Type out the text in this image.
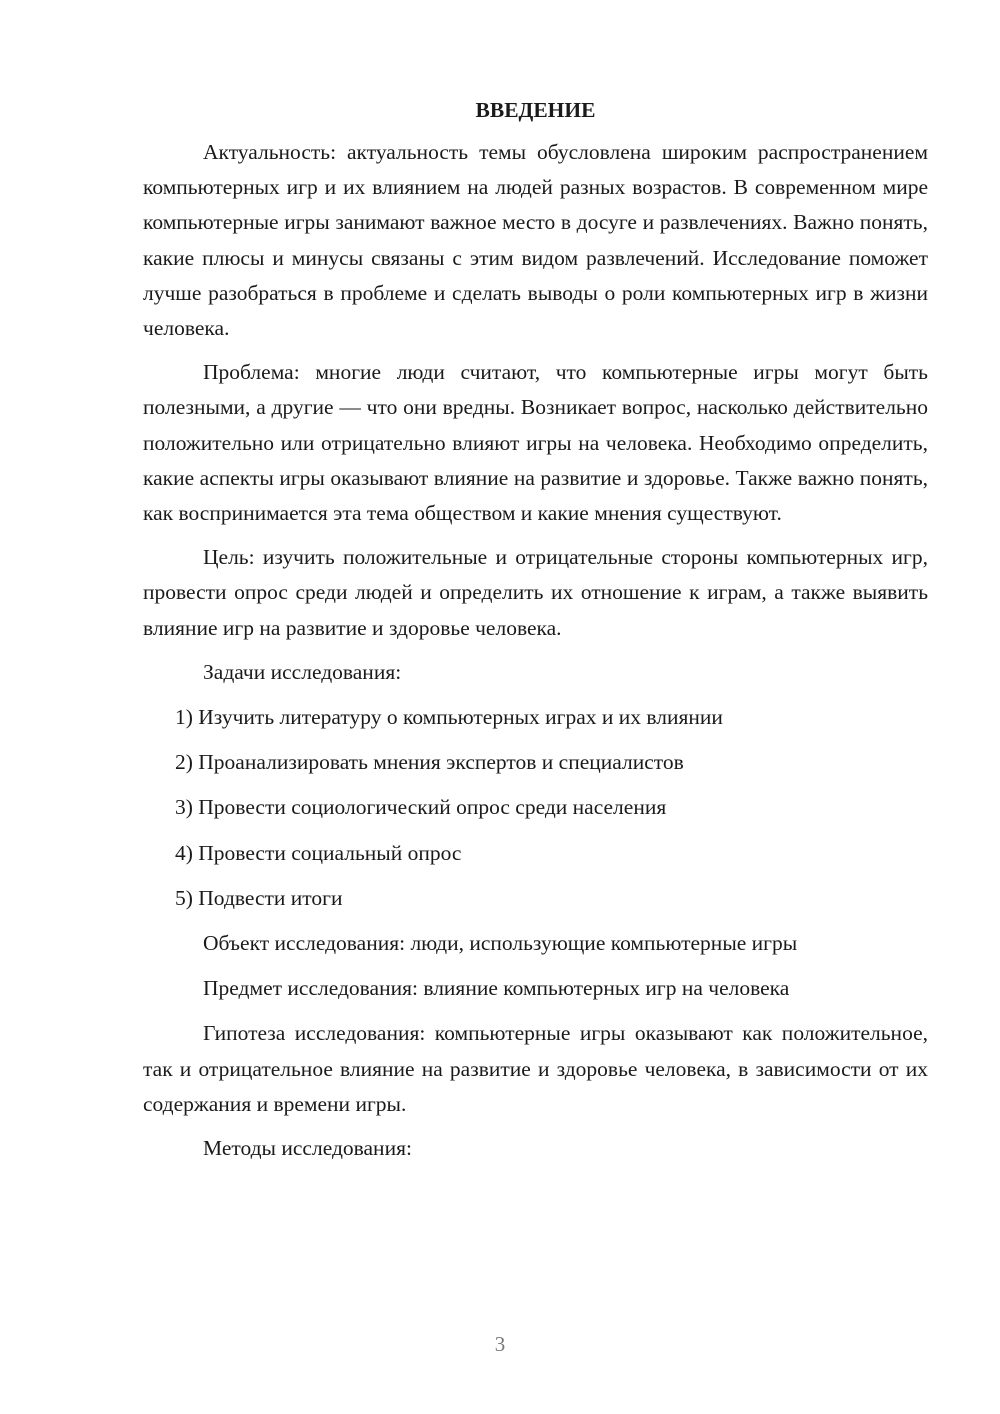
ВВЕДЕНИЕ

Актуальность: актуальность темы обусловлена широким распространением компьютерных игр и их влиянием на людей разных возрастов. В современном мире компьютерные игры занимают важное место в досуге и развлечениях. Важно понять, какие плюсы и минусы связаны с этим видом развлечений. Исследование поможет лучше разобраться в проблеме и сделать выводы о роли компьютерных игр в жизни человека.

Проблема: многие люди считают, что компьютерные игры могут быть полезными, а другие — что они вредны. Возникает вопрос, насколько действительно положительно или отрицательно влияют игры на человека. Необходимо определить, какие аспекты игры оказывают влияние на развитие и здоровье. Также важно понять, как воспринимается эта тема обществом и какие мнения существуют.

Цель: изучить положительные и отрицательные стороны компьютерных игр, провести опрос среди людей и определить их отношение к играм, а также выявить влияние игр на развитие и здоровье человека.

Задачи исследования:
1) Изучить литературу о компьютерных играх и их влиянии
2) Проанализировать мнения экспертов и специалистов
3) Провести социологический опрос среди населения
4) Провести социальный опрос
5) Подвести итоги
Объект исследования: люди, использующие компьютерные игры
Предмет исследования: влияние компьютерных игр на человека

Гипотеза исследования: компьютерные игры оказывают как положительное, так и отрицательное влияние на развитие и здоровье человека, в зависимости от их содержания и времени игры.

Методы исследования:
3
